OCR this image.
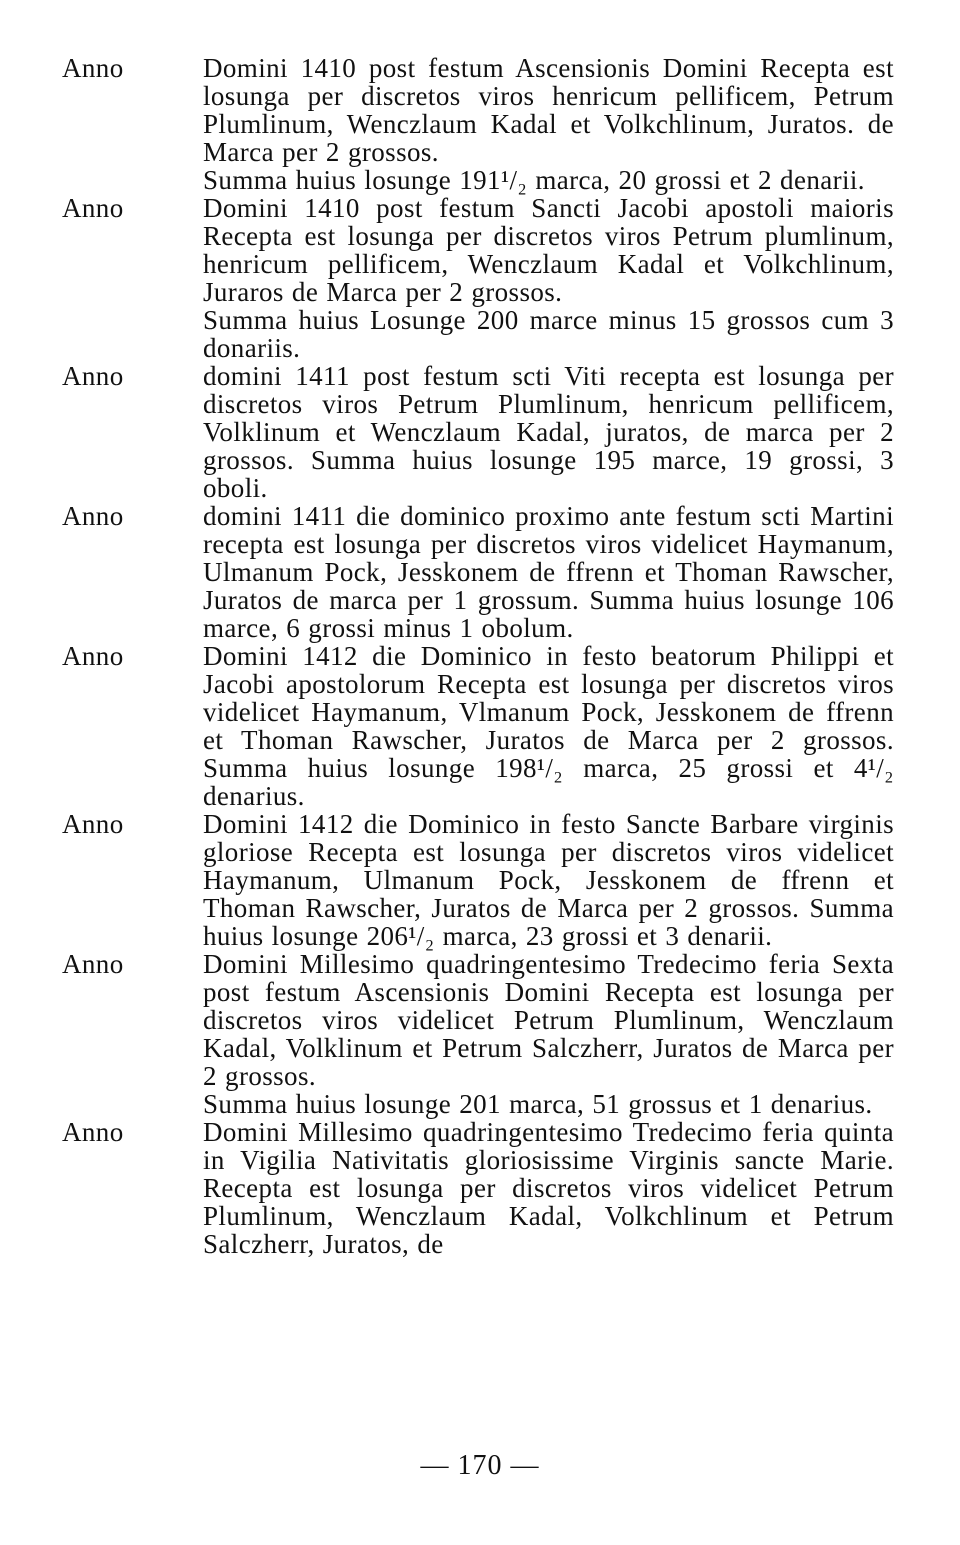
Anno	Domini 1410 post festum Ascensionis Domini Recepta est losunga per discretos viros henricum pellificem, Petrum Plumlinum, Wenczlaum Kadal et Volkchlinum, Juratos. de Marca per 2 grossos.

Summa huius losunge 191¹/₂ marca, 20 grossi et 2 denarii.

Anno	Domini 1410 post festum Sancti Jacobi apostoli maioris Recepta est losunga per discretos viros Petrum plumlinum, henricum pellificem, Wenczlaum Kadal et Volkchlinum, Juraros de Marca per 2 grossos.

Summa huius Losunge 200 marce minus 15 grossos cum 3 donariis.

Anno	domini 1411 post festum scti Viti recepta est losunga per discretos viros Petrum Plumlinum, henricum pellificem, Volklinum et Wenczlaum Kadal, juratos, de marca per 2 grossos. Summa huius losunge 195 marce, 19 grossi, 3 oboli.

Anno	domini 1411 die dominico proximo ante festum scti Martini recepta est losunga per discretos viros videlicet Haymanum, Ulmanum Pock, Jesskonem de ffrenn et Thoman Rawscher, Juratos de marca per 1 grossum. Summa huius losunge 106 marce, 6 grossi minus 1 obolum.

Anno	Domini 1412 die Dominico in festo beatorum Philippi et Jacobi apostolorum Recepta est losunga per discretos viros videlicet Haymanum, Vlmanum Pock, Jesskonem de ffrenn et Thoman Rawscher, Juratos de Marca per 2 grossos. Summa huius losunge 198¹/₂ marca, 25 grossi et 4¹/₂ denarius.

Anno	Domini 1412 die Dominico in festo Sancte Barbare virginis gloriose Recepta est losunga per discretos viros videlicet Haymanum, Ulmanum Pock, Jesskonem de ffrenn et Thoman Rawscher, Juratos de Marca per 2 grossos. Summa huius losunge 206¹/₂ marca, 23 grossi et 3 denarii.

Anno	Domini Millesimo quadringentesimo Tredecimo feria Sexta post festum Ascensionis Domini Recepta est losunga per discretos viros videlicet Petrum Plumlinum, Wenczlaum Kadal, Volklinum et Petrum Salczherr, Juratos de Marca per 2 grossos.

Summa huius losunge 201 marca, 51 grossus et 1 denarius.

Anno	Domini Millesimo quadringentesimo Tredecimo feria quinta in Vigilia Nativitatis gloriosissime Virginis sancte Marie. Recepta est losunga per discretos viros videlicet Petrum Plumlinum, Wenczlaum Kadal, Volkchlinum et Petrum Salczherr, Juratos, de

— 170 —
